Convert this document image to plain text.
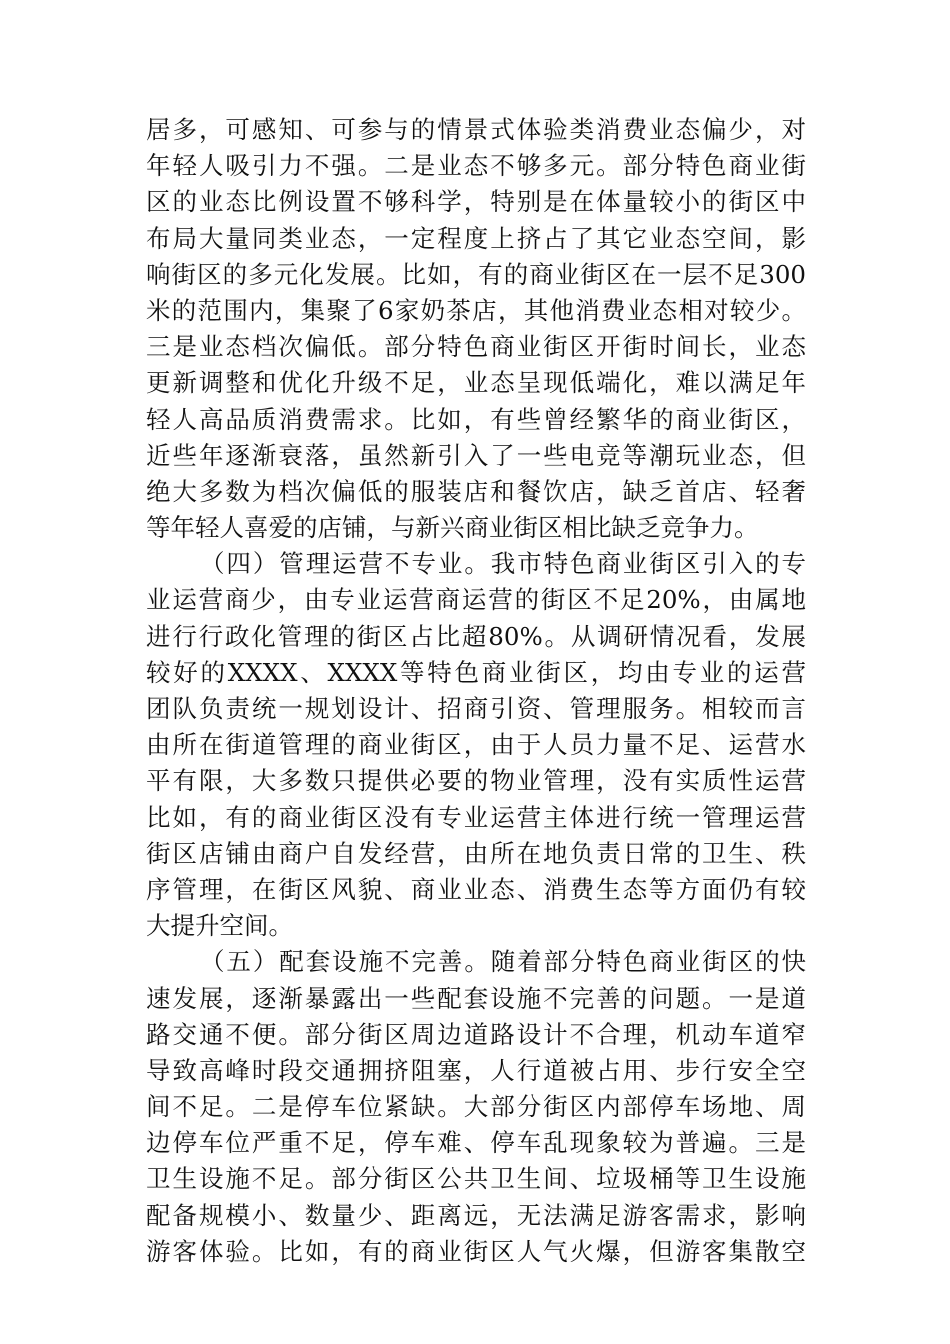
居多，可感知、可参与的情景式体验类消费业态偏少，对
年轻人吸引力不强。二是业态不够多元。部分特色商业街
区的业态比例设置不够科学，特别是在体量较小的街区中
布局大量同类业态，一定程度上挤占了其它业态空间，影
响街区的多元化发展。比如，有的商业街区在一层不足300
米的范围内，集聚了6家奶茶店，其他消费业态相对较少。
三是业态档次偏低。部分特色商业街区开街时间长，业态
更新调整和优化升级不足，业态呈现低端化，难以满足年
轻人高品质消费需求。比如，有些曾经繁华的商业街区，
近些年逐渐衰落，虽然新引入了一些电竞等潮玩业态，但
绝大多数为档次偏低的服装店和餐饮店，缺乏首店、轻奢
等年轻人喜爱的店铺，与新兴商业街区相比缺乏竞争力。
（四）管理运营不专业。我市特色商业街区引入的专
业运营商少，由专业运营商运营的街区不足20%，由属地
进行行政化管理的街区占比超80%。从调研情况看，发展
较好的XXXX、XXXX等特色商业街区，均由专业的运营
团队负责统一规划设计、招商引资、管理服务。相较而言
由所在街道管理的商业街区，由于人员力量不足、运营水
平有限，大多数只提供必要的物业管理，没有实质性运营
比如，有的商业街区没有专业运营主体进行统一管理运营
街区店铺由商户自发经营，由所在地负责日常的卫生、秩
序管理，在街区风貌、商业业态、消费生态等方面仍有较
大提升空间。
（五）配套设施不完善。随着部分特色商业街区的快
速发展，逐渐暴露出一些配套设施不完善的问题。一是道
路交通不便。部分街区周边道路设计不合理，机动车道窄
导致高峰时段交通拥挤阻塞，人行道被占用、步行安全空
间不足。二是停车位紧缺。大部分街区内部停车场地、周
边停车位严重不足，停车难、停车乱现象较为普遍。三是
卫生设施不足。部分街区公共卫生间、垃圾桶等卫生设施
配备规模小、数量少、距离远，无法满足游客需求，影响
游客体验。比如，有的商业街区人气火爆，但游客集散空
